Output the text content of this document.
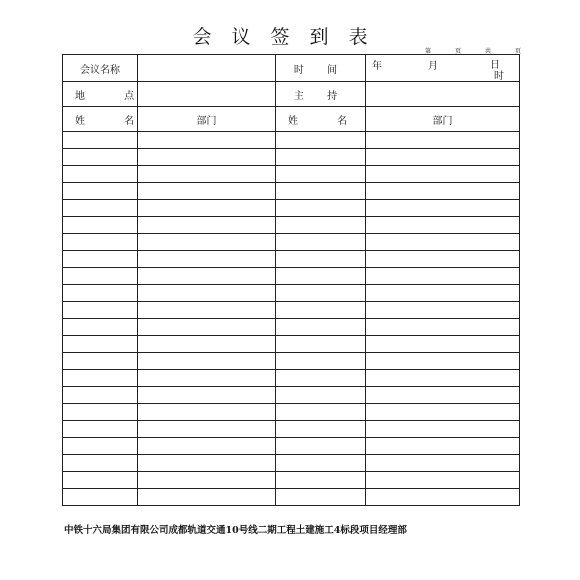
会议签到表
第	页	共	页
会议名称		时 间	年 月 日
时

地 点		主 持	
姓 名	部门	姓 名	部门

中铁十六局集团有限公司成都轨道交通10号线二期工程土建施工4标段项目经理部
